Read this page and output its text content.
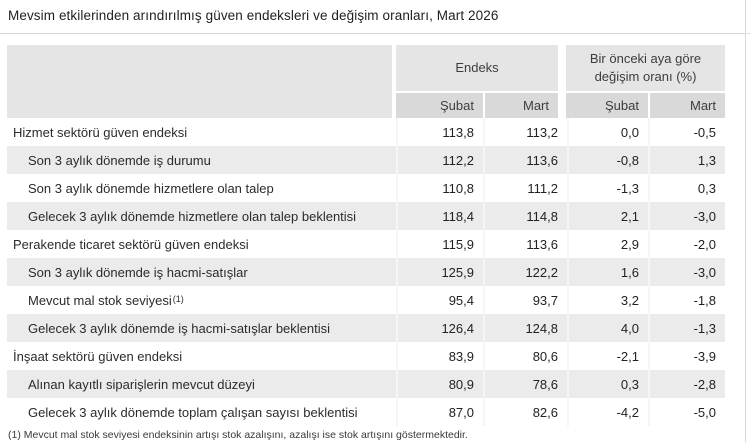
Mevsim etkilerinden arındırılmış güven endeksleri ve değişim oranları, Mart 2026
Endeks
Bir önceki aya göre değişim oranı (%)
Şubat	Mart	Şubat	Mart
Hizmet sektörü güven endeksi	113,8	113,2	0,0	-0,5
Son 3 aylık dönemde iş durumu	112,2	113,6	-0,8	1,3
Son 3 aylık dönemde hizmetlere olan talep	110,8	111,2	-1,3	0,3
Gelecek 3 aylık dönemde hizmetlere olan talep beklentisi	118,4	114,8	2,1	-3,0
Perakende ticaret sektörü güven endeksi	115,9	113,6	2,9	-2,0
Son 3 aylık dönemde iş hacmi-satışlar	125,9	122,2	1,6	-3,0
Mevcut mal stok seviyesi$^{(1)}$	95,4	93,7	3,2	-1,8
Gelecek 3 aylık dönemde iş hacmi-satışlar beklentisi	126,4	124,8	4,0	-1,3
İnşaat sektörü güven endeksi	83,9	80,6	-2,1	-3,9
Alınan kayıtlı siparişlerin mevcut düzeyi	80,9	78,6	0,3	-2,8
Gelecek 3 aylık dönemde toplam çalışan sayısı beklentisi	87,0	82,6	-4,2	-5,0
(1) Mevcut mal stok seviyesi endeksinin artışı stok azalışını, azalışı ise stok artışını göstermektedir.
